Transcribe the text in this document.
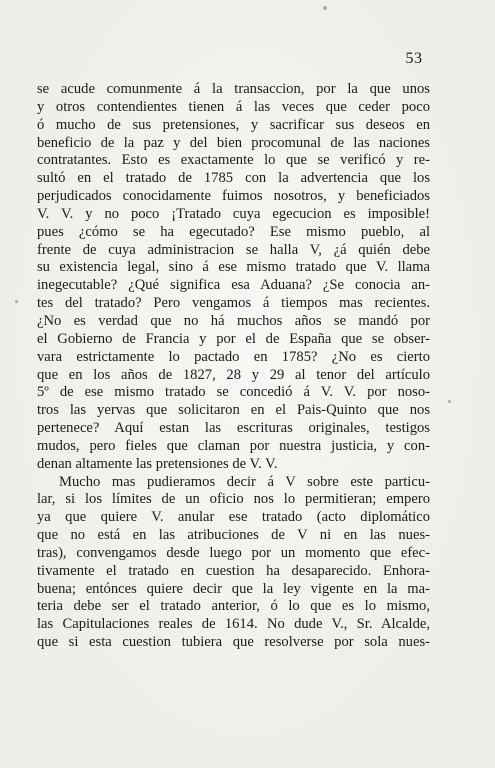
53
se acude comunmente á la transaccion, por la que unos
y otros contendientes tienen á las veces que ceder poco
ó mucho de sus pretensiones, y sacrificar sus deseos en
beneficio de la paz y del bien procomunal de las naciones
contratantes. Esto es exactamente lo que se verificó y re-
sultó en el tratado de 1785 con la advertencia que los
perjudicados conocidamente fuimos nosotros, y beneficiados
V. V. y no poco ¡Tratado cuya egecucion es imposible!
pues ¿cómo se ha egecutado? Ese mismo pueblo, al
frente de cuya administracion se halla V, ¿á quién debe
su existencia legal, sino á ese mismo tratado que V. llama
inegecutable? ¿Qué significa esa Aduana? ¿Se conocia an-
tes del tratado? Pero vengamos á tiempos mas recientes.
¿No es verdad que no há muchos años se mandó por
el Gobierno de Francia y por el de España que se obser-
vara estrictamente lo pactado en 1785? ¿No es cierto
que en los años de 1827, 28 y 29 al tenor del artículo
5º de ese mismo tratado se concedió á V. V. por noso-
tros las yervas que solicitaron en el Pais-Quinto que nos
pertenece? Aquí estan las escrituras originales, testigos
mudos, pero fieles que claman por nuestra justicia, y con-
denan altamente las pretensiones de V. V.
Mucho mas pudieramos decir á V sobre este particu-
lar, si los límites de un oficio nos lo permitieran; empero
ya que quiere V. anular ese tratado (acto diplomático
que no está en las atribuciones de V ni en las nues-
tras), convengamos desde luego por un momento que efec-
tivamente el tratado en cuestion ha desaparecido. Enhora-
buena; entónces quiere decir que la ley vigente en la ma-
teria debe ser el tratado anterior, ó lo que es lo mismo,
las Capitulaciones reales de 1614. No dude V., Sr. Alcalde,
que si esta cuestion tubiera que resolverse por sola nues-
